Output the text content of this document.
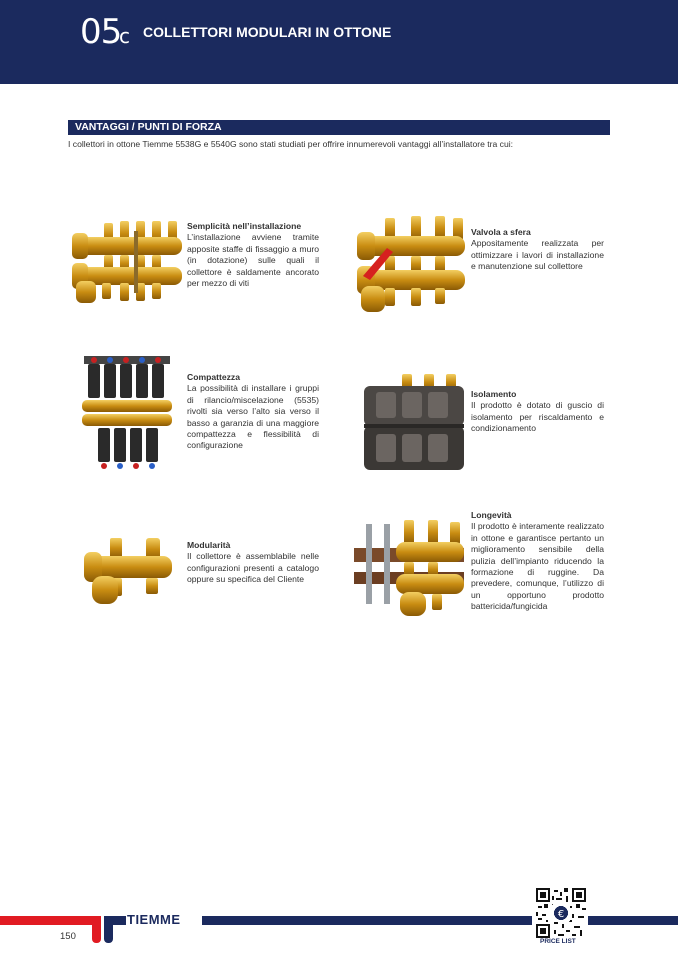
05
c COLLETTORI MODULARI IN OTTONE
VANTAGGI / PUNTI DI FORZA
I collettori in ottone Tiemme 5538G e 5540G sono stati studiati per offrire innumerevoli vantaggi all’installatore tra cui:
Semplicità nell’installazione
L’installazione avviene tramite apposite staffe di fissaggio a muro (in dotazione) sulle quali il collettore è saldamente ancorato per mezzo di viti
Valvola a sfera
Appositamente realizzata per ottimizzare i lavori di installazione e manutenzione sul collettore
Compattezza
La possibilità di installare i gruppi di rilancio/miscelazione (5535) rivolti sia verso l’alto sia verso il basso a garanzia di una maggiore compattezza e flessibilità di configurazione
Isolamento
Il prodotto è dotato di guscio di isolamento per riscaldamento e condizionamento
Modularità
Il collettore è assemblabile nelle configurazioni presenti a catalogo oppure su specifica del Cliente
Longevità
Il prodotto è interamente realizzato in ottone e garantisce pertanto un miglioramento sensibile della pulizia dell’impianto riducendo la formazione di ruggine. Da prevedere, comunque, l’utilizzo di un opportuno prodotto battericida/fungicida
TIEMME
150
€
PRICE LIST
